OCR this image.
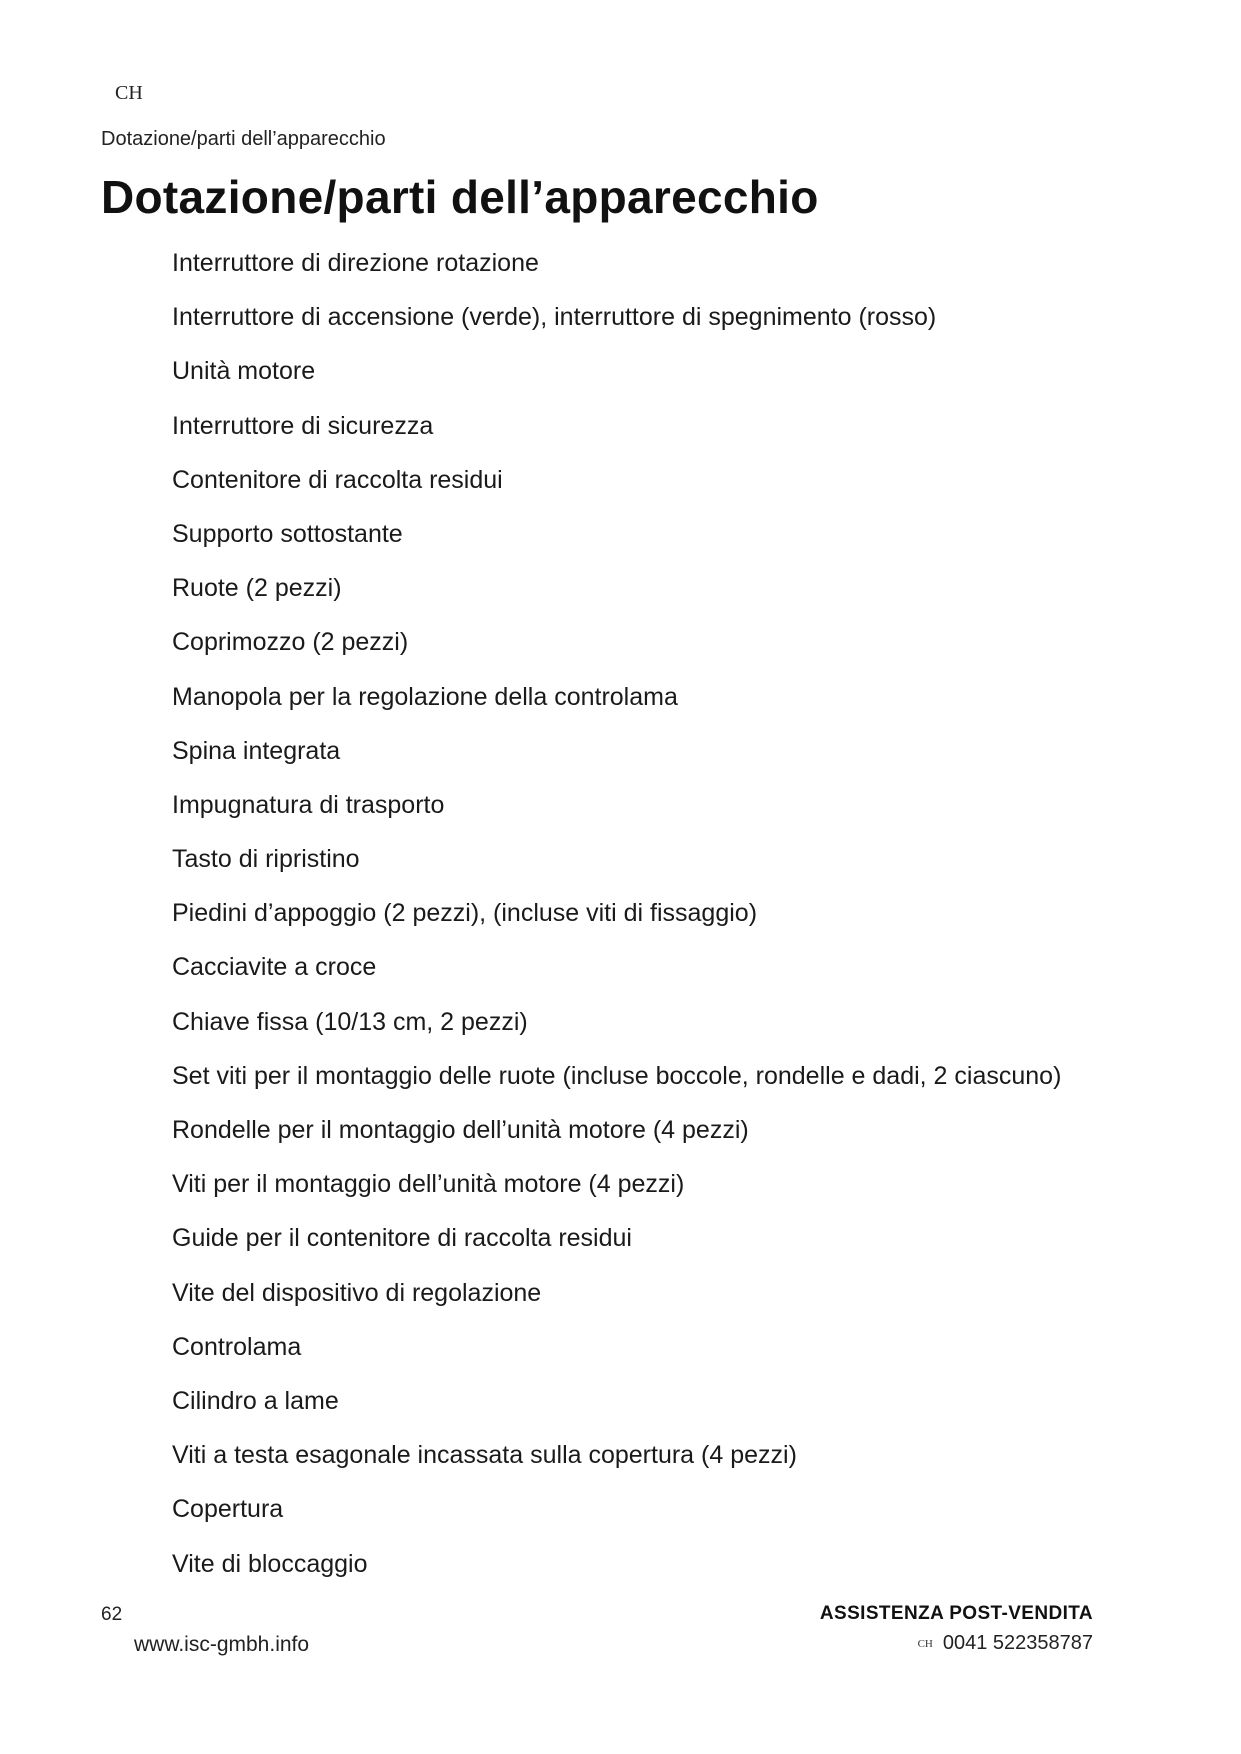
CH
Dotazione/parti dell’apparecchio
Dotazione/parti dell’apparecchio
Interruttore di direzione rotazione
Interruttore di accensione (verde), interruttore di spegnimento (rosso)
Unità motore
Interruttore di sicurezza
Contenitore di raccolta residui
Supporto sottostante
Ruote (2 pezzi)
Coprimozzo (2 pezzi)
Manopola per la regolazione della controlama
Spina integrata
Impugnatura di trasporto
Tasto di ripristino
Piedini d’appoggio (2 pezzi), (incluse viti di fissaggio)
Cacciavite a croce
Chiave fissa (10/13 cm, 2 pezzi)
Set viti per il montaggio delle ruote (incluse boccole, rondelle e dadi, 2 ciascuno)
Rondelle per il montaggio dell’unità motore (4 pezzi)
Viti per il montaggio dell’unità motore (4 pezzi)
Guide per il contenitore di raccolta residui
Vite del dispositivo di regolazione
Controlama
Cilindro a lame
Viti a testa esagonale incassata sulla copertura (4 pezzi)
Copertura
Vite di bloccaggio
62
www.isc-gmbh.info
ASSISTENZA POST-VENDITA
CH 0041 522358787
